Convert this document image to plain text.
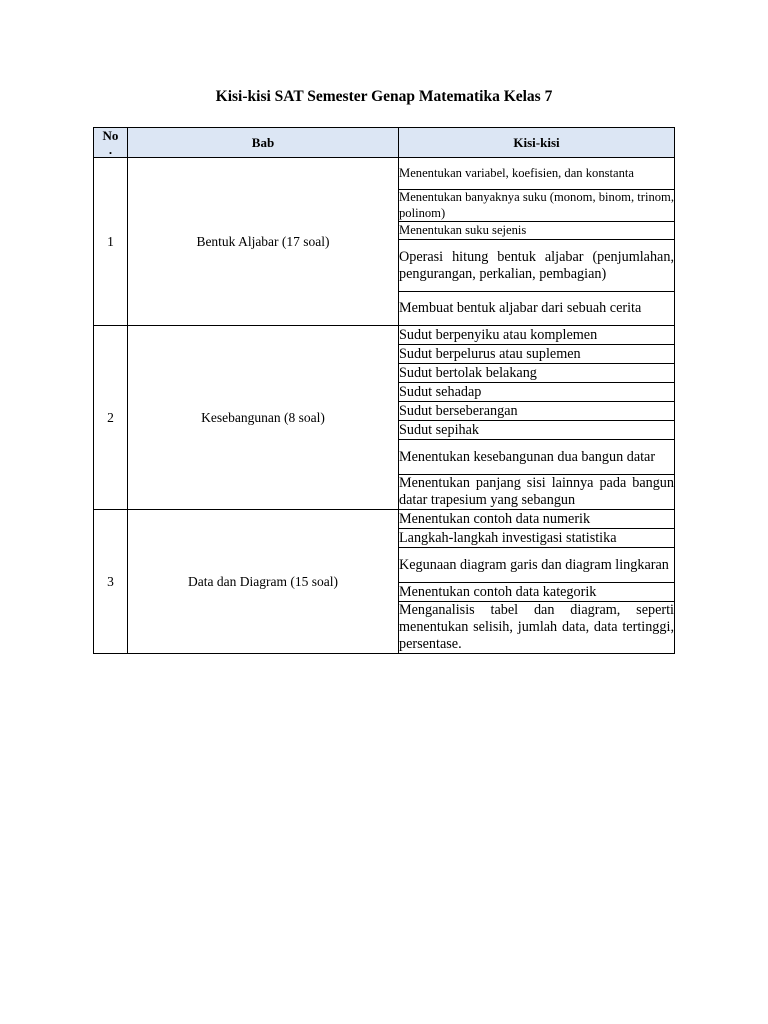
Kisi-kisi SAT Semester Genap Matematika Kelas 7
No
.	Bab	Kisi-kisi
1	Bentuk Aljabar (17 soal)	Menentukan variabel, koefisien, dan konstanta
		Menentukan banyaknya suku (monom, binom, trinom, polinom)
		Menentukan suku sejenis
		Operasi hitung bentuk aljabar (penjumlahan, pengurangan, perkalian, pembagian)
		Membuat bentuk aljabar dari sebuah cerita
2	Kesebangunan (8 soal)	Sudut berpenyiku atau komplemen
		Sudut berpelurus atau suplemen
		Sudut bertolak belakang
		Sudut sehadap
		Sudut berseberangan
		Sudut sepihak
		Menentukan kesebangunan dua bangun datar
		Menentukan panjang sisi lainnya pada bangun datar trapesium yang sebangun
3	Data dan Diagram (15 soal)	Menentukan contoh data numerik
		Langkah-langkah investigasi statistika
		Kegunaan diagram garis dan diagram lingkaran
		Menentukan contoh data kategorik
		Menganalisis tabel dan diagram, seperti menentukan selisih, jumlah data, data tertinggi, persentase.
